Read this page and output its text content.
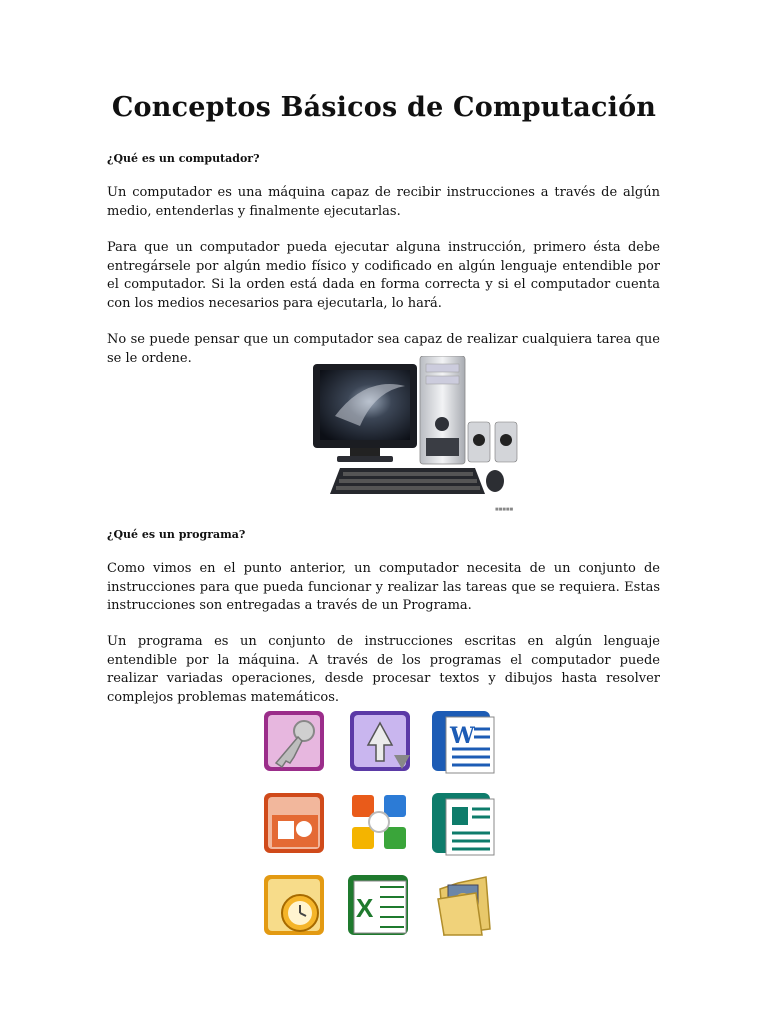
Conceptos Básicos de Computación

¿Qué es un computador?

Un computador es una máquina capaz de recibir instrucciones a través de algún medio, entenderlas y finalmente ejecutarlas.

Para que un computador pueda ejecutar alguna instrucción, primero ésta debe entregársele por algún medio físico y codificado en algún lenguaje entendible por el computador. Si la orden está dada en forma correcta y si el computador cuenta con los medios necesarios para ejecutarla, lo hará.

No se puede pensar que un computador sea capaz de realizar cualquiera tarea que se le ordene.

■■■■■

¿Qué es un programa?

Como vimos en el punto anterior, un computador necesita de un conjunto de instrucciones para que pueda funcionar y realizar las tareas que se requiera. Estas instrucciones son entregadas a través de un Programa.

Un programa es un conjunto de instrucciones escritas en algún lenguaje entendible por la máquina. A través de los programas el computador puede realizar variadas operaciones, desde procesar textos y dibujos hasta resolver complejos problemas matemáticos.

W
X
